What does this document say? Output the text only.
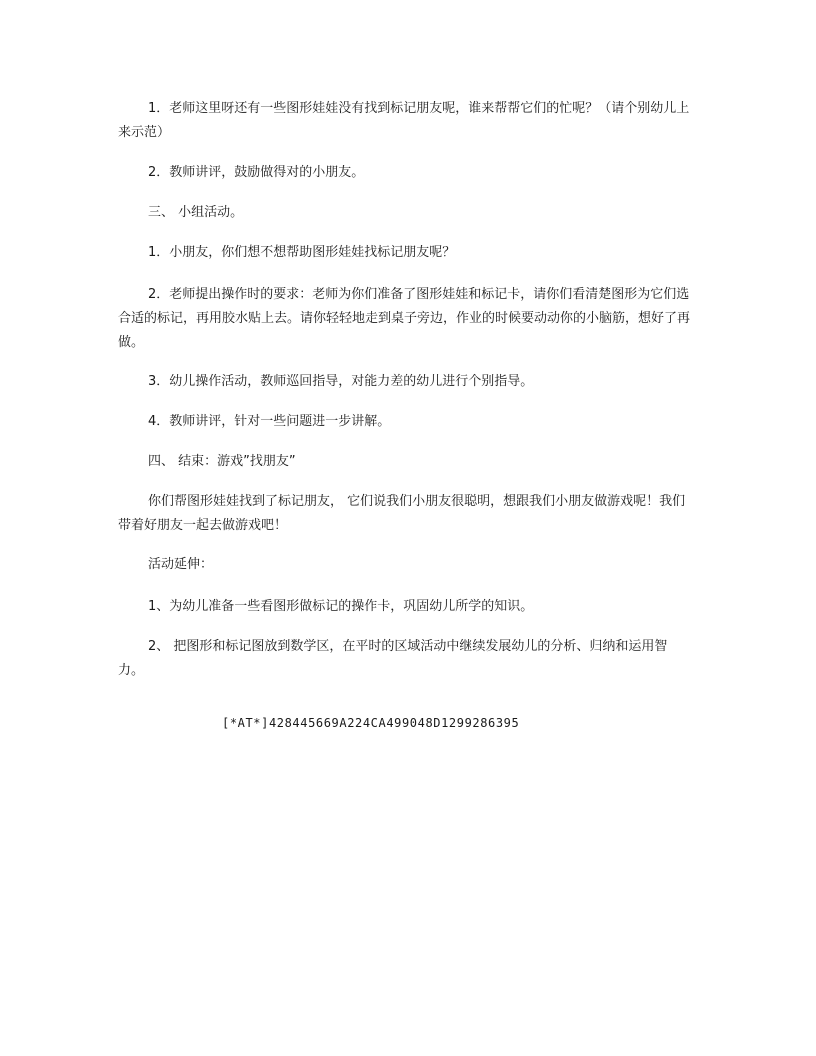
1．老师这里呀还有一些图形娃娃没有找到标记朋友呢，谁来帮帮它们的忙呢？（请个别幼儿上来示范）

2．教师讲评，鼓励做得对的小朋友。

三、 小组活动。

1．小朋友，你们想不想帮助图形娃娃找标记朋友呢？

2．老师提出操作时的要求：老师为你们准备了图形娃娃和标记卡，请你们看清楚图形为它们选合适的标记，再用胶水贴上去。请你轻轻地走到桌子旁边，作业的时候要动动你的小脑筋，想好了再做。

3．幼儿操作活动，教师巡回指导，对能力差的幼儿进行个别指导。

4．教师讲评，针对一些问题进一步讲解。

四、 结束：游戏”找朋友”

你们帮图形娃娃找到了标记朋友， 它们说我们小朋友很聪明，想跟我们小朋友做游戏呢！我们带着好朋友一起去做游戏吧！

活动延伸：

1、为幼儿准备一些看图形做标记的操作卡，巩固幼儿所学的知识。

2、 把图形和标记图放到数学区，在平时的区域活动中继续发展幼儿的分析、归纳和运用智力。

[*AT*]428445669A224CA499048D1299286395
